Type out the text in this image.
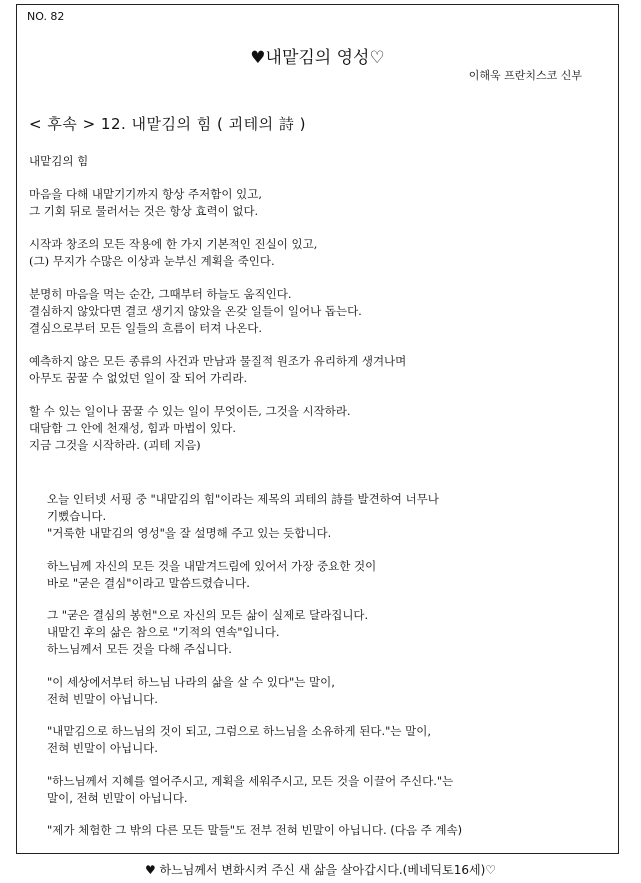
NO. 82
♥내맡김의 영성♡
이해욱 프란치스코 신부
< 후속 > 12. 내맡김의 힘 ( 괴테의 詩 )
내맡김의 힘
마음을 다해 내맡기기까지 항상 주저함이 있고,
그 기회 뒤로 물러서는 것은 항상 효력이 없다.
시작과 창조의 모든 작용에 한 가지 기본적인 진실이 있고,
(그) 무지가 수많은 이상과 눈부신 계획을 죽인다.
분명히 마음을 먹는 순간, 그때부터 하늘도 움직인다.
결심하지 않았다면 결코 생기지 않았을 온갖 일들이 일어나 돕는다.
결심으로부터 모든 일들의 흐름이 터져 나온다.
예측하지 않은 모든 종류의 사건과 만남과 물질적 원조가 유리하게 생겨나며
아무도 꿈꿀 수 없었던 일이 잘 되어 가리라.
할 수 있는 일이나 꿈꿀 수 있는 일이 무엇이든, 그것을 시작하라.
대담함 그 안에 천재성, 힘과 마법이 있다.
지금 그것을 시작하라. (괴테 지음)
오늘 인터넷 서핑 중 "내맡김의 힘"이라는 제목의 괴테의 詩를 발견하여 너무나
기뻤습니다.
"거룩한 내맡김의 영성"을 잘 설명해 주고 있는 듯합니다.
하느님께 자신의 모든 것을 내맡겨드림에 있어서 가장 중요한 것이
바로 "굳은 결심"이라고 말씀드렸습니다.
그 "굳은 결심의 봉헌"으로 자신의 모든 삶이 실제로 달라집니다.
내맡긴 후의 삶은 참으로 "기적의 연속"입니다.
하느님께서 모든 것을 다해 주십니다.
"이 세상에서부터 하느님 나라의 삶을 살 수 있다"는 말이,
전혀 빈말이 아닙니다.
"내맡김으로 하느님의 것이 되고, 그럼으로 하느님을 소유하게 된다."는 말이,
전혀 빈말이 아닙니다.
"하느님께서 지혜를 열어주시고, 계획을 세워주시고, 모든 것을 이끌어 주신다."는
말이, 전혀 빈말이 아닙니다.
"제가 체험한 그 밖의 다른 모든 말들"도 전부 전혀 빈말이 아닙니다. (다음 주 계속)
♥ 하느님께서 변화시켜 주신 새 삶을 살아갑시다.(베네딕토16세)♡
